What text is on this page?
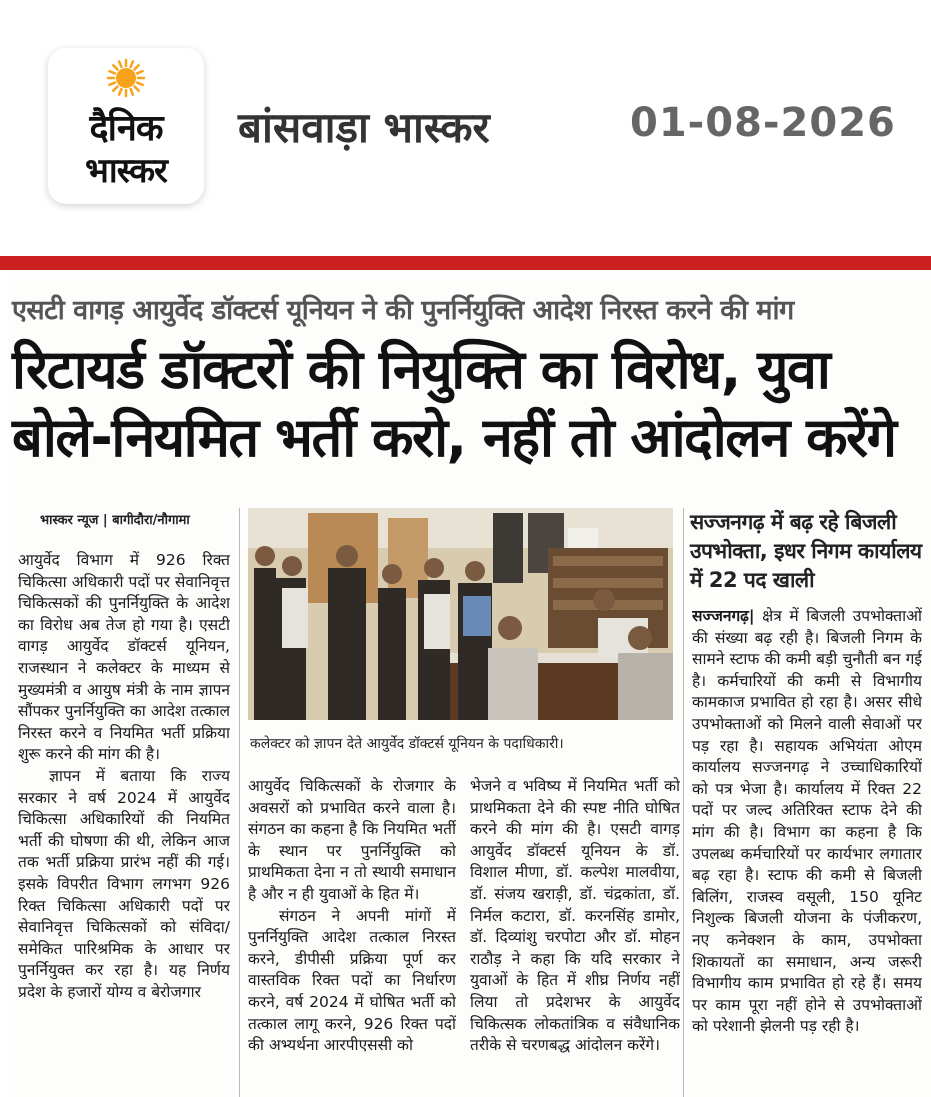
दैनिक
भास्कर
बांसवाड़ा भास्कर	01-08-2026
एसटी वागड़ आयुर्वेद डॉक्टर्स यूनियन ने की पुनर्नियुक्ति आदेश निरस्त करने की मांग
रिटायर्ड डॉक्टरों की नियुक्ति का विरोध, युवा
बोले-नियमित भर्ती करो, नहीं तो आंदोलन करेंगे
भास्कर न्यूज | बागीदौरा/नौगामा

आयुर्वेद विभाग में 926 रिक्त चिकित्सा अधिकारी पदों पर सेवानिवृत्त चिकित्सकों की पुनर्नियुक्ति के आदेश का विरोध अब तेज हो गया है। एसटी वागड़ आयुर्वेद डॉक्टर्स यूनियन, राजस्थान ने कलेक्टर के माध्यम से मुख्यमंत्री व आयुष मंत्री के नाम ज्ञापन सौंपकर पुनर्नियुक्ति का आदेश तत्काल निरस्त करने व नियमित भर्ती प्रक्रिया शुरू करने की मांग की है।

ज्ञापन में बताया कि राज्य सरकार ने वर्ष 2024 में आयुर्वेद चिकित्सा अधिकारियों की नियमित भर्ती की घोषणा की थी, लेकिन आज तक भर्ती प्रक्रिया प्रारंभ नहीं की गई। इसके विपरीत विभाग लगभग 926 रिक्त चिकित्सा अधिकारी पदों पर सेवानिवृत्त चिकित्सकों को संविदा/समेकित पारिश्रमिक के आधार पर पुनर्नियुक्त कर रहा है। यह निर्णय प्रदेश के हजारों योग्य व बेरोजगार

कलेक्टर को ज्ञापन देते आयुर्वेद डॉक्टर्स यूनियन के पदाधिकारी।

आयुर्वेद चिकित्सकों के रोजगार के अवसरों को प्रभावित करने वाला है। संगठन का कहना है कि नियमित भर्ती के स्थान पर पुनर्नियुक्ति को प्राथमिकता देना न तो स्थायी समाधान है और न ही युवाओं के हित में।

संगठन ने अपनी मांगों में पुनर्नियुक्ति आदेश तत्काल निरस्त करने, डीपीसी प्रक्रिया पूर्ण कर वास्तविक रिक्त पदों का निर्धारण करने, वर्ष 2024 में घोषित भर्ती को तत्काल लागू करने, 926 रिक्त पदों की अभ्यर्थना आरपीएससी को

भेजने व भविष्य में नियमित भर्ती को प्राथमिकता देने की स्पष्ट नीति घोषित करने की मांग की है। एसटी वागड़ आयुर्वेद डॉक्टर्स यूनियन के डॉ. विशाल मीणा, डॉ. कल्पेश मालवीया, डॉ. संजय खराड़ी, डॉ. चंद्रकांता, डॉ. निर्मल कटारा, डॉ. करनसिंह डामोर, डॉ. दिव्यांशु चरपोटा और डॉ. मोहन राठौड़ ने कहा कि यदि सरकार ने युवाओं के हित में शीघ्र निर्णय नहीं लिया तो प्रदेशभर के आयुर्वेद चिकित्सक लोकतांत्रिक व संवैधानिक तरीके से चरणबद्ध आंदोलन करेंगे।

सज्जनगढ़ में बढ़ रहे बिजली उपभोक्ता, इधर निगम कार्यालय में 22 पद खाली

सज्जनगढ़| क्षेत्र में बिजली उपभोक्ताओं की संख्या बढ़ रही है। बिजली निगम के सामने स्टाफ की कमी बड़ी चुनौती बन गई है। कर्मचारियों की कमी से विभागीय कामकाज प्रभावित हो रहा है। असर सीधे उपभोक्ताओं को मिलने वाली सेवाओं पर पड़ रहा है। सहायक अभियंता ओएम कार्यालय सज्जनगढ़ ने उच्चाधिकारियों को पत्र भेजा है। कार्यालय में रिक्त 22 पदों पर जल्द अतिरिक्त स्टाफ देने की मांग की है। विभाग का कहना है कि उपलब्ध कर्मचारियों पर कार्यभार लगातार बढ़ रहा है। स्टाफ की कमी से बिजली बिलिंग, राजस्व वसूली, 150 यूनिट निशुल्क बिजली योजना के पंजीकरण, नए कनेक्शन के काम, उपभोक्ता शिकायतों का समाधान, अन्य जरूरी विभागीय काम प्रभावित हो रहे हैं। समय पर काम पूरा नहीं होने से उपभोक्ताओं को परेशानी झेलनी पड़ रही है।
